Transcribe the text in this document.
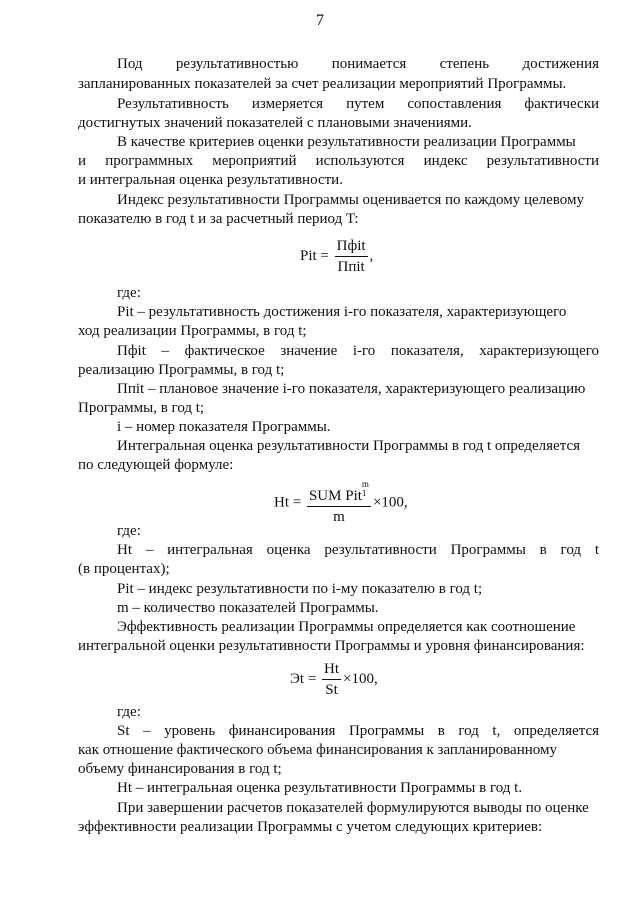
7
Под результативностью понимается степень достижения
запланированных показателей за счет реализации мероприятий Программы.
Результативность измеряется путем сопоставления фактически
достигнутых значений показателей с плановыми значениями.
В качестве критериев оценки результативности реализации Программы
и программных мероприятий используются индекс результативности
и интегральная оценка результативности.
Индекс результативности Программы оценивается по каждому целевому
показателю в год t и за расчетный период T:
Pit = $\frac{\text{Пфit}}{\text{Ппit}}$ ,
где:
Pit – результативность достижения i-го показателя, характеризующего
ход реализации Программы, в год t;
Пфit – фактическое значение i-го показателя, характеризующего
реализацию Программы, в год t;
Ппit – плановое значение i-го показателя, характеризующего реализацию
Программы, в год t;
i – номер показателя Программы.
Интегральная оценка результативности Программы в год t определяется
по следующей формуле:
Ht = SUM Pit
m
1
m ×100,
где:
Ht – интегральная оценка результативности Программы в год t
(в процентах);
Pit – индекс результативности по i-му показателю в год t;
m – количество показателей Программы.
Эффективность реализации Программы определяется как соотношение
интегральной оценки результативности Программы и уровня финансирования:
Эt = $\frac{Ht}{St} \times 100$,
где:
St – уровень финансирования Программы в год t, определяется
как отношение фактического объема финансирования к запланированному
объему финансирования в год t;
Ht – интегральная оценка результативности Программы в год t.
При завершении расчетов показателей формулируются выводы по оценке
эффективности реализации Программы с учетом следующих критериев:
